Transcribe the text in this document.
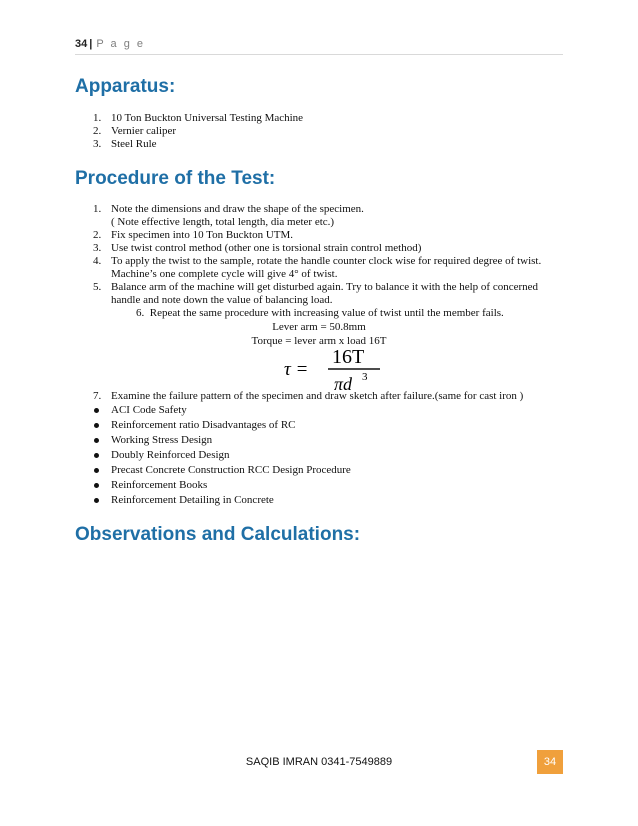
34 | P a g e
Apparatus:
1. 10 Ton Buckton Universal Testing Machine
2. Vernier caliper
3. Steel Rule
Procedure of the Test:
1. Note the dimensions and draw the shape of the specimen.
( Note effective length, total length, dia meter etc.)
2. Fix specimen into 10 Ton Buckton UTM.
3. Use twist control method (other one is torsional strain control method)
4. To apply the twist to the sample, rotate the handle counter clock wise for required degree of twist.
Machine’s one complete cycle will give 4° of twist.
5. Balance arm of the machine will get disturbed again. Try to balance it with the help of concerned
handle and note down the value of balancing load.
6. Repeat the same procedure with increasing value of twist until the member fails.

Lever arm = 50.8mm

Torque = lever arm x load 16T

τ =
16T
πd 3
7. Examine the failure pattern of the specimen and draw sketch after failure.(same for cast iron )
ACI Code Safety
Reinforcement ratio Disadvantages of RC
Working Stress Design
Doubly Reinforced Design
Precast Concrete Construction RCC Design Procedure
Reinforcement Books
Reinforcement Detailing in Concrete
Observations and Calculations:
SAQIB IMRAN 0341-7549889	34
